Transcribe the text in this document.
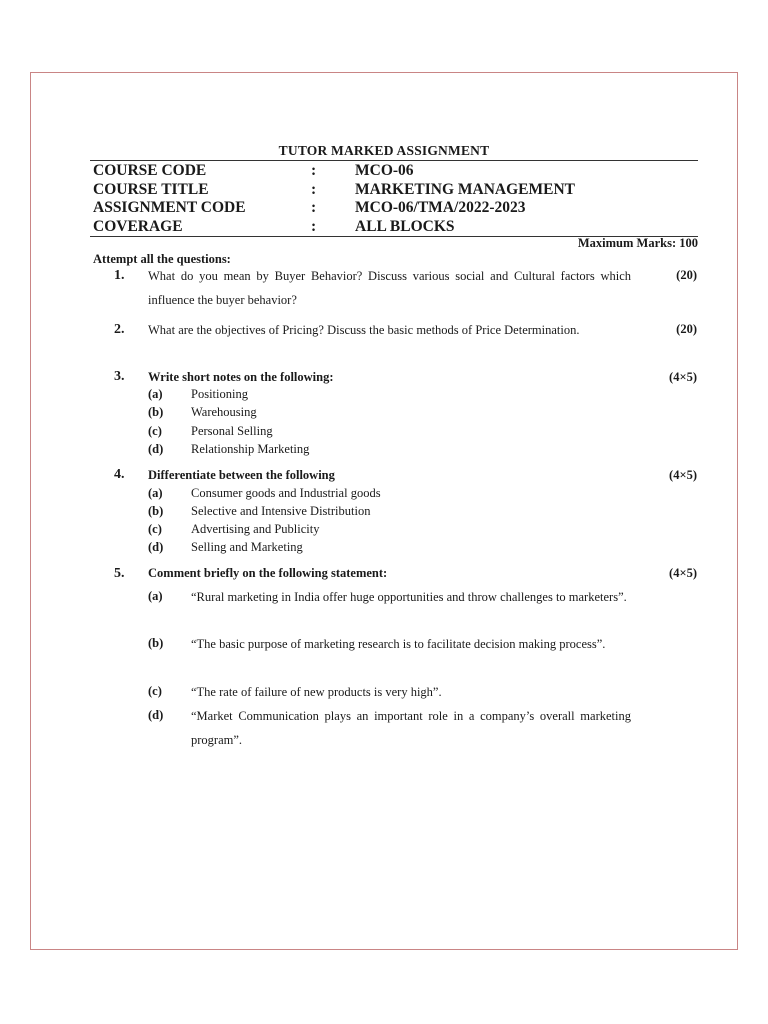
TUTOR MARKED ASSIGNMENT
COURSE CODE	:	MCO-06
COURSE TITLE	:	MARKETING MANAGEMENT
ASSIGNMENT CODE	:	MCO-06/TMA/2022-2023
COVERAGE	:	ALL BLOCKS
Maximum Marks: 100
Attempt all the questions:
1. What do you mean by Buyer Behavior? Discuss various social and Cultural factors which influence the buyer behavior?
(20)
2. What are the objectives of Pricing? Discuss the basic methods of Price Determination.	(20)
3. Write short notes on the following:	(4×5)
(a) Positioning
(b) Warehousing
(c) Personal Selling
(d) Relationship Marketing
4. Differentiate between the following	(4×5)
(a) Consumer goods and Industrial goods
(b) Selective and Intensive Distribution
(c) Advertising and Publicity
(d) Selling and Marketing
5. Comment briefly on the following statement:	(4×5)
(a) “Rural marketing in India offer huge opportunities and throw challenges to marketers”.
(b) “The basic purpose of marketing research is to facilitate decision making process”.
(c) “The rate of failure of new products is very high”.
(d) “Market Communication plays an important role in a company’s overall marketing program”.
